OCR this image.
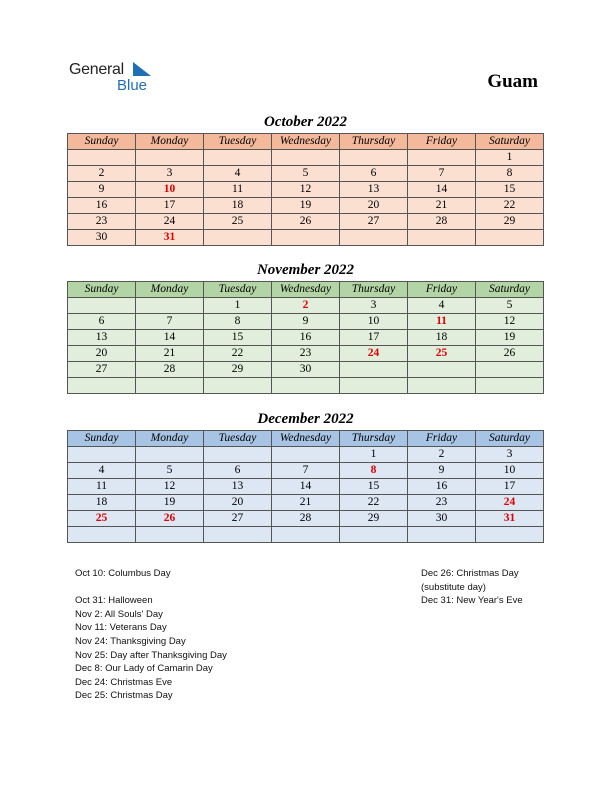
General
Blue	Guam
October 2022
Sunday	Monday	Tuesday	Wednesday	Thursday	Friday	Saturday
						1
2	3	4	5	6	7	8
9	10	11	12	13	14	15
16	17	18	19	20	21	22
23	24	25	26	27	28	29
30	31					
November 2022
Sunday	Monday	Tuesday	Wednesday	Thursday	Friday	Saturday
		1	2	3	4	5
6	7	8	9	10	11	12
13	14	15	16	17	18	19
20	21	22	23	24	25	26
27	28	29	30			

December 2022
Sunday	Monday	Tuesday	Wednesday	Thursday	Friday	Saturday
				1	2	3
4	5	6	7	8	9	10
11	12	13	14	15	16	17
18	19	20	21	22	23	24
25	26	27	28	29	30	31

Oct 10: Columbus Day
Oct 31: Halloween
Nov 2: All Souls' Day
Nov 11: Veterans Day
Nov 24: Thanksgiving Day
Nov 25: Day after Thanksgiving Day
Dec 8: Our Lady of Camarin Day
Dec 24: Christmas Eve
Dec 25: Christmas Day
Dec 26: Christmas Day
(substitute day)
Dec 31: New Year's Eve
